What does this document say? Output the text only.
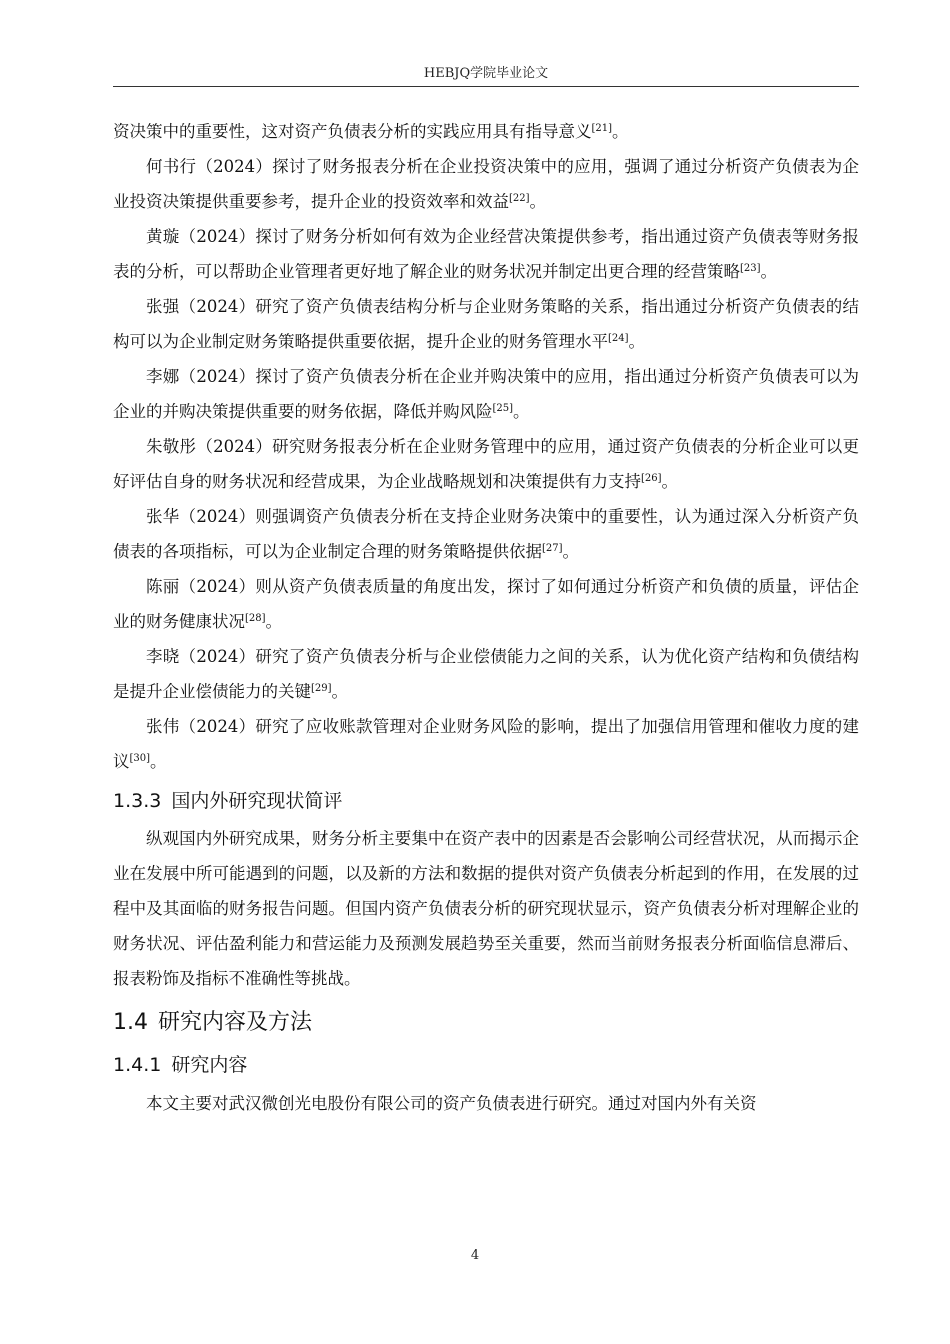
HEBJQ学院毕业论文

资决策中的重要性，这对资产负债表分析的实践应用具有指导意义[21]。

何书行（2024）探讨了财务报表分析在企业投资决策中的应用，强调了通过分析资产负债表为企业投资决策提供重要参考，提升企业的投资效率和效益[22]。

黄璇（2024）探讨了财务分析如何有效为企业经营决策提供参考，指出通过资产负债表等财务报表的分析，可以帮助企业管理者更好地了解企业的财务状况并制定出更合理的经营策略[23]。

张强（2024）研究了资产负债表结构分析与企业财务策略的关系，指出通过分析资产负债表的结构可以为企业制定财务策略提供重要依据，提升企业的财务管理水平[24]。

李娜（2024）探讨了资产负债表分析在企业并购决策中的应用，指出通过分析资产负债表可以为企业的并购决策提供重要的财务依据，降低并购风险[25]。

朱敬彤（2024）研究财务报表分析在企业财务管理中的应用，通过资产负债表的分析企业可以更好评估自身的财务状况和经营成果，为企业战略规划和决策提供有力支持[26]。

张华（2024）则强调资产负债表分析在支持企业财务决策中的重要性，认为通过深入分析资产负债表的各项指标，可以为企业制定合理的财务策略提供依据[27]。

陈丽（2024）则从资产负债表质量的角度出发，探讨了如何通过分析资产和负债的质量，评估企业的财务健康状况[28]。

李晓（2024）研究了资产负债表分析与企业偿债能力之间的关系，认为优化资产结构和负债结构是提升企业偿债能力的关键[29]。

张伟（2024）研究了应收账款管理对企业财务风险的影响，提出了加强信用管理和催收力度的建议[30]。

1.3.3 国内外研究现状简评

纵观国内外研究成果，财务分析主要集中在资产表中的因素是否会影响公司经营状况，从而揭示企业在发展中所可能遇到的问题，以及新的方法和数据的提供对资产负债表分析起到的作用，在发展的过程中及其面临的财务报告问题。但国内资产负债表分析的研究现状显示，资产负债表分析对理解企业的财务状况、评估盈利能力和营运能力及预测发展趋势至关重要，然而当前财务报表分析面临信息滞后、报表粉饰及指标不准确性等挑战。

1.4 研究内容及方法
1.4.1 研究内容

本文主要对武汉微创光电股份有限公司的资产负债表进行研究。通过对国内外有关资

4
